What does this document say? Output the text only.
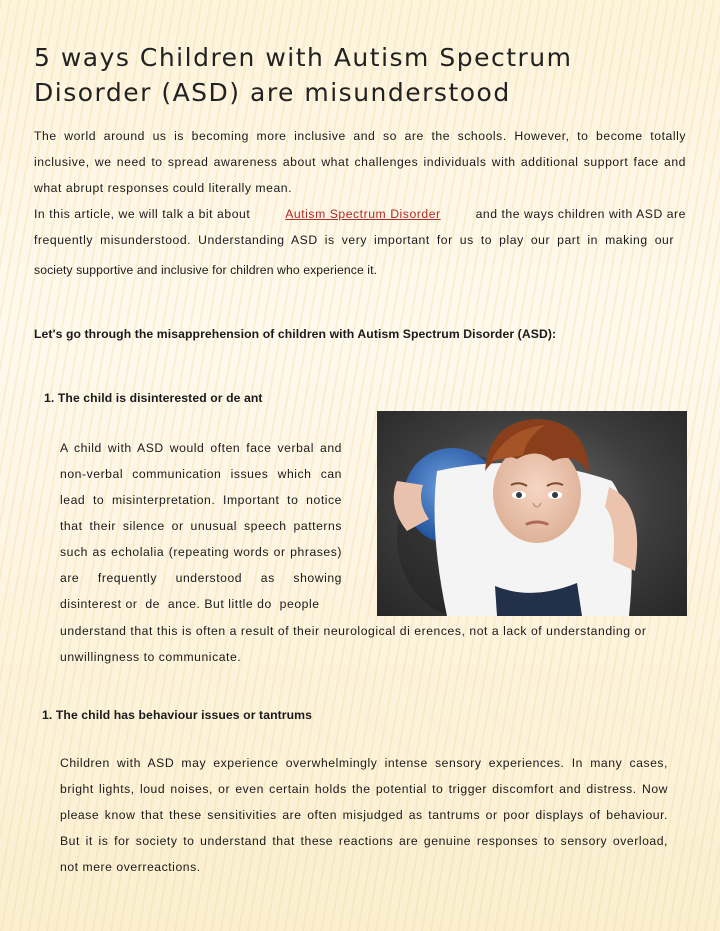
5 ways Children with Autism Spectrum Disorder (ASD) are misunderstood
The world around us is becoming more inclusive and so are the schools. However, to become totally
inclusive, we need to spread awareness about what challenges individuals with additional support face and
what abrupt responses could literally mean.
In this article, we will talk a bit about	Autism Spectrum Disorder	and the ways children with ASD are
frequently misunderstood. Understanding ASD is very important for us to play our part in making our
society supportive and inclusive for children who experience it.
Let's go through the misapprehension of children with Autism Spectrum Disorder (ASD):
1. The child is disinterested or de ant
A child with ASD would often face verbal and
non-verbal communication issues which can
lead to misinterpretation. Important to notice
that their silence or unusual speech patterns
such as echolalia (repeating words or phrases)
are frequently understood as showing
disinterest or  de  ance. But little do  people
understand that this is often a result of their neurological di erences, not a lack of understanding or
unwillingness to communicate.
1. The child has behaviour issues or tantrums
Children with ASD may experience overwhelmingly intense sensory experiences. In many cases,
bright lights, loud noises, or even certain holds the potential to trigger discomfort and distress. Now
please know that these sensitivities are often misjudged as tantrums or poor displays of behaviour.
But it is for society to understand that these reactions are genuine responses to sensory overload,
not mere overreactions.
